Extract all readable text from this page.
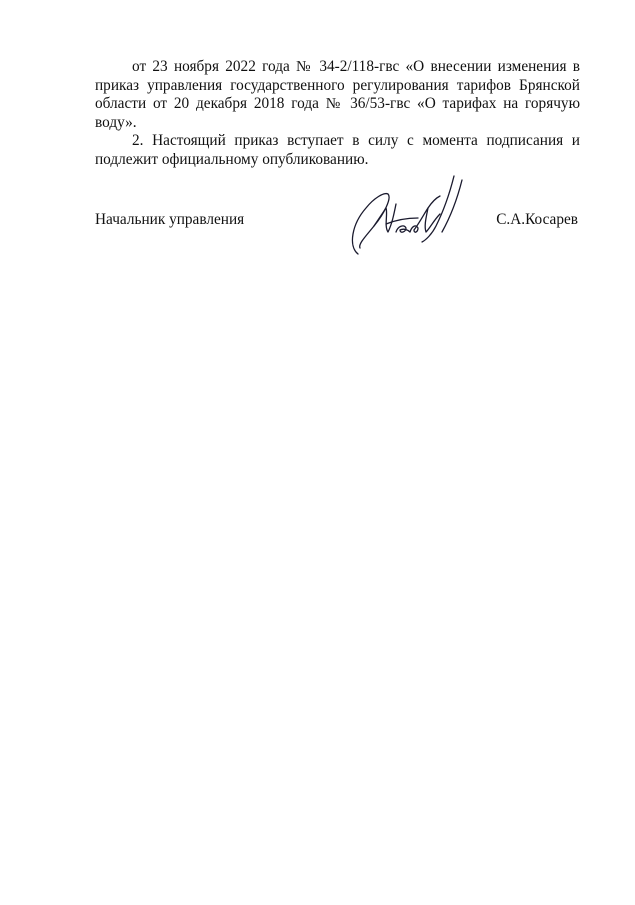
от 23 ноября 2022 года № 34-2/118-гвс «О внесении изменения в приказ управления государственного регулирования тарифов Брянской области от 20 декабря 2018 года № 36/53-гвс «О тарифах на горячую воду».

2. Настоящий приказ вступает в силу с момента подписания и подлежит официальному опубликованию.

Начальник управления	С.А.Косарев
